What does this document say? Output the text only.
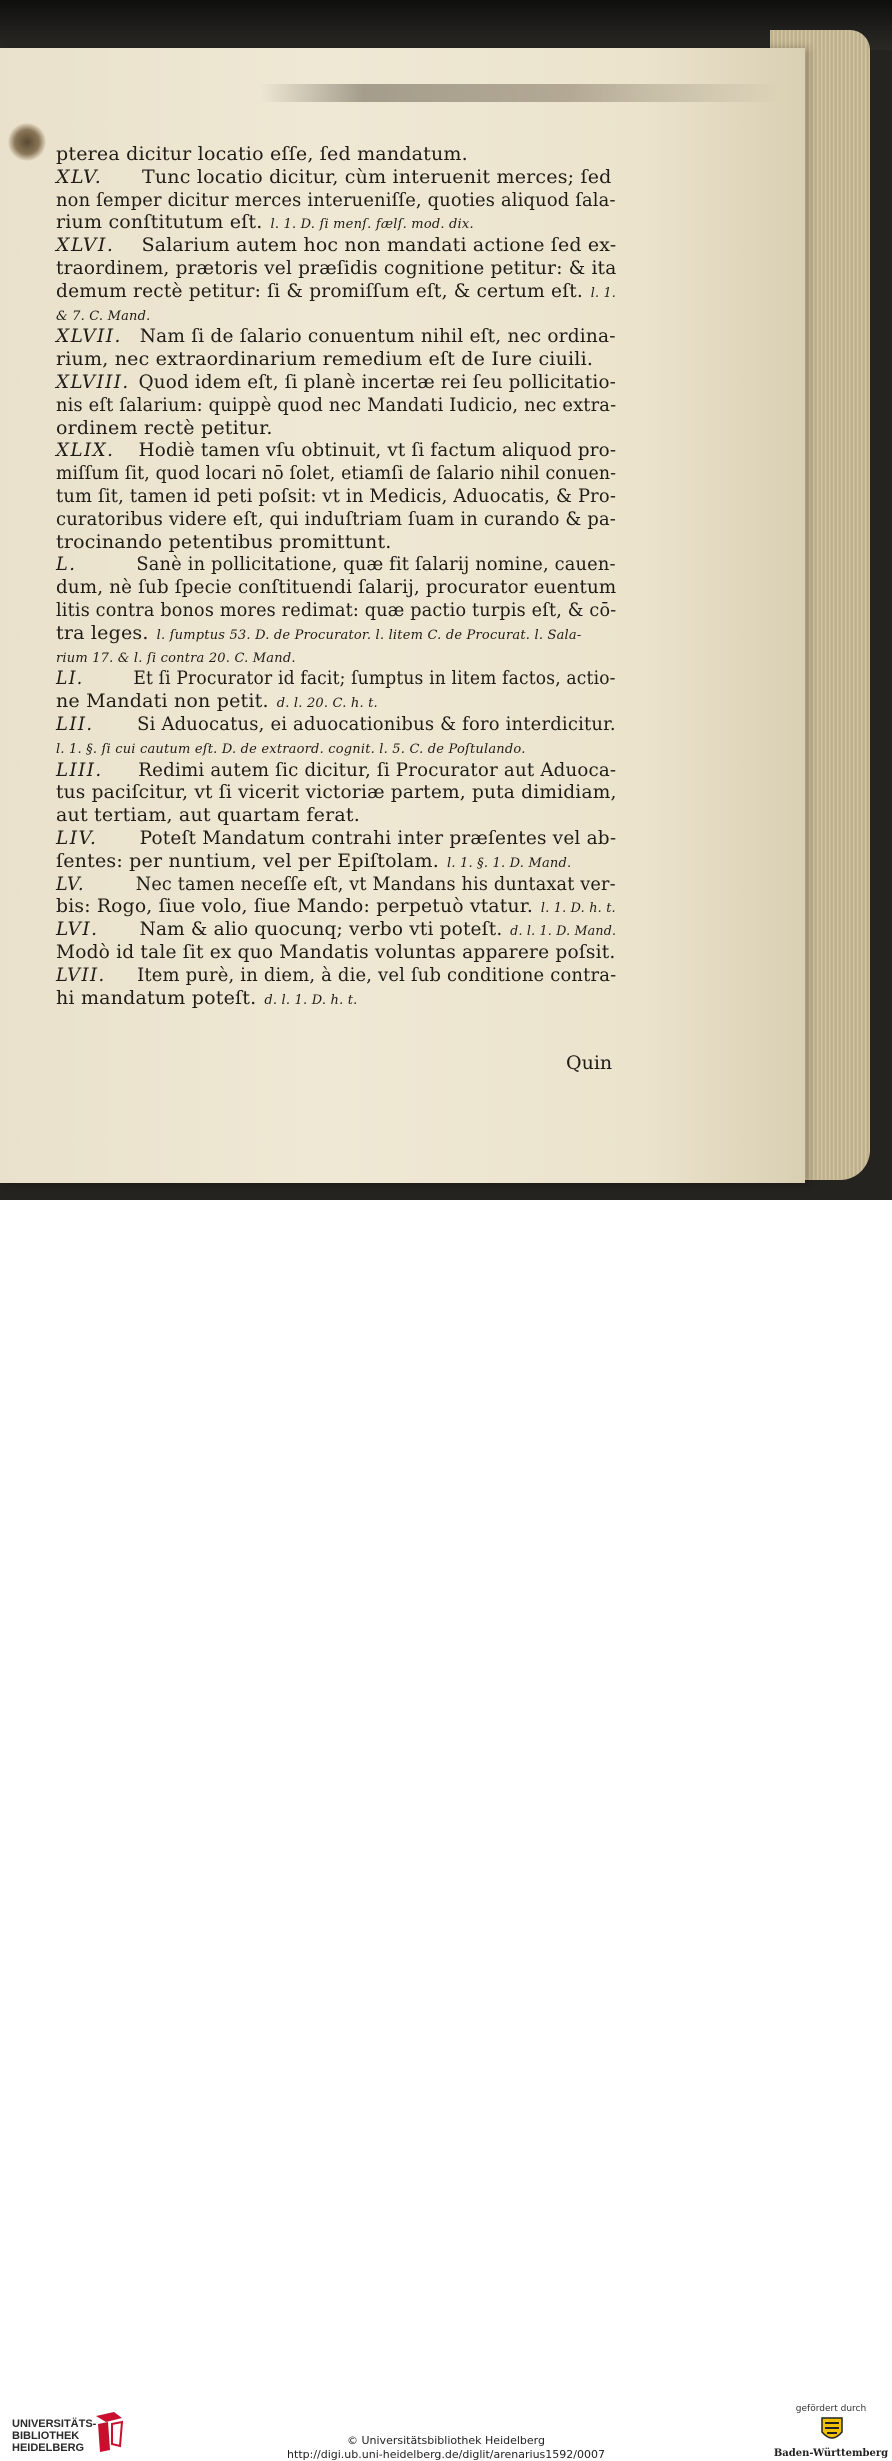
pterea dicitur locatio eſſe, ſed mandatum.
XLV. Tunc locatio dicitur, cùm interuenit merces; ſed
non ſemper dicitur merces interueniſſe, quoties aliquod ſala-
rium conſtitutum eſt. l. 1. D. ſi menſ. fælſ. mod. dix.
XLVI. Salarium autem hoc non mandati actione ſed ex-
traordinem, prætoris vel præſidis cognitione petitur: & ita
demum rectè petitur: ſi & promiſſum eſt, & certum eſt. l. 1.
& 7. C. Mand.
XLVII. Nam ſi de ſalario conuentum nihil eſt, nec ordina-
rium, nec extraordinarium remedium eſt de Iure ciuili.
XLVIII. Quod idem eſt, ſi planè incertæ rei ſeu pollicitatio-
nis eſt ſalarium: quippè quod nec Mandati Iudicio, nec extra-
ordinem rectè petitur.
XLIX. Hodiè tamen vſu obtinuit, vt ſi factum aliquod pro-
miſſum ſit, quod locari nō ſolet, etiamſi de ſalario nihil conuen-
tum ſit, tamen id peti poſsit: vt in Medicis, Aduocatis, & Pro-
curatoribus videre eſt, qui induſtriam ſuam in curando & pa-
trocinando petentibus promittunt.
L.	Sanè in pollicitatione, quæ fit ſalarij nomine, cauen-
dum, nè ſub ſpecie conſtituendi ſalarij, procurator euentum
litis contra bonos mores redimat: quæ pactio turpis eſt, & cō-
tra leges. l. ſumptus 53. D. de Procurator. l. litem C. de Procurat. l. Sala-
rium 17. & l. ſi contra 20. C. Mand.
LI.	Et ſi Procurator id facit; ſumptus in litem factos, actio-
ne Mandati non petit. d. l. 20. C. h. t.
LII. Si Aduocatus, ei aduocationibus & foro interdicitur.
l. 1. §. ſi cui cautum eſt. D. de extraord. cognit. l. 5. C. de Poſtulando.
LIII. Redimi autem ſic dicitur, ſi Procurator aut Aduoca-
tus paciſcitur, vt ſi vicerit victoriæ partem, puta dimidiam,
aut tertiam, aut quartam ferat.
LIV. Poteſt Mandatum contrahi inter præſentes vel ab-
ſentes: per nuntium, vel per Epiſtolam. l. 1. §. 1. D. Mand.
LV.	Nec tamen neceſſe eſt, vt Mandans his duntaxat ver-
bis: Rogo, ſiue volo, ſiue Mando: perpetuò vtatur. l. 1. D. h. t.
LVI. Nam & alio quocunq; verbo vti poteſt. d. l. 1. D. Mand.
Modò id tale ſit ex quo Mandatis voluntas apparere poſsit.
LVII. Item purè, in diem, à die, vel ſub conditione contra-
hi mandatum poteſt. d. l. 1. D. h. t.
Quin
UNIVERSITÄTS-
BIBLIOTHEK
HEIDELBERG
© Universitätsbibliothek Heidelberg
http://digi.ub.uni-heidelberg.de/diglit/arenarius1592/0007
gefördert durch
Baden-Württemberg
